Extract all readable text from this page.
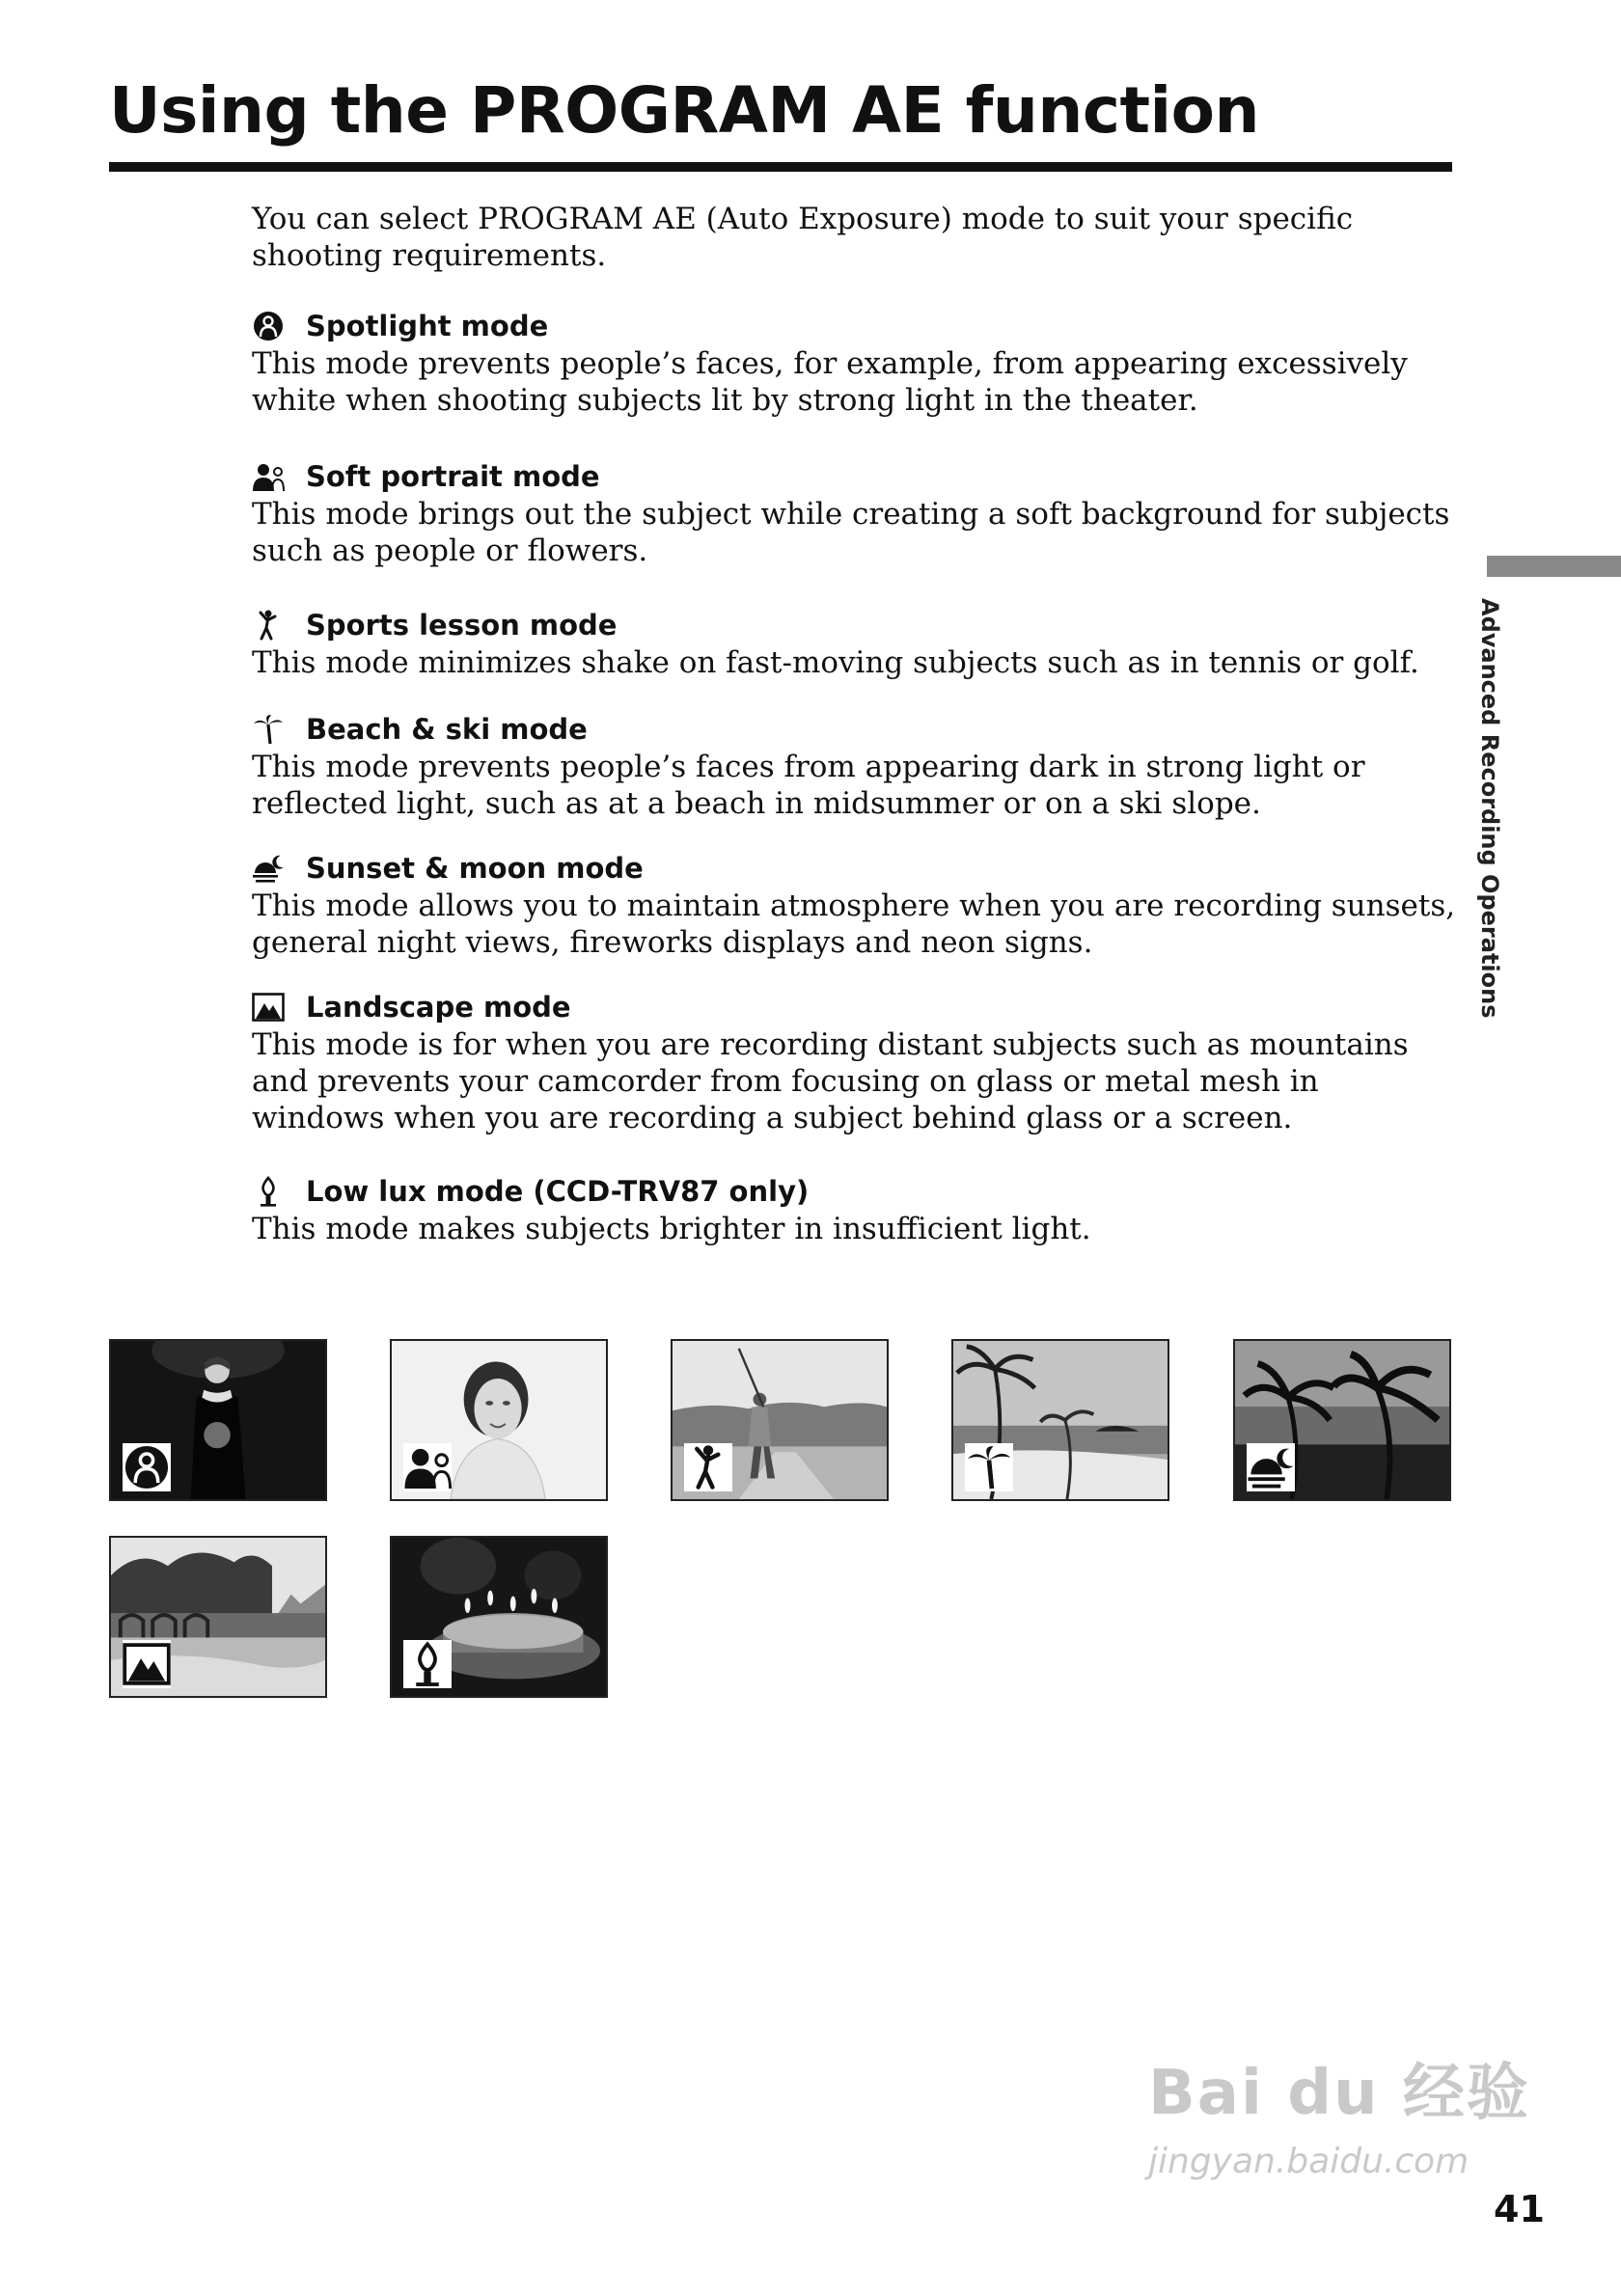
Using the PROGRAM AE function

You can select PROGRAM AE (Auto Exposure) mode to suit your specific shooting requirements.

Spotlight mode

This mode prevents people’s faces, for example, from appearing excessively white when shooting subjects lit by strong light in the theater.

Soft portrait mode

This mode brings out the subject while creating a soft background for subjects such as people or flowers.

Sports lesson mode

This mode minimizes shake on fast-moving subjects such as in tennis or golf.

Beach & ski mode

This mode prevents people’s faces from appearing dark in strong light or reflected light, such as at a beach in midsummer or on a ski slope.

Sunset & moon mode

This mode allows you to maintain atmosphere when you are recording sunsets, general night views, fireworks displays and neon signs.

Landscape mode

This mode is for when you are recording distant subjects such as mountains and prevents your camcorder from focusing on glass or metal mesh in windows when you are recording a subject behind glass or a screen.

Low lux mode (CCD-TRV87 only)

This mode makes subjects brighter in insufficient light.

Advanced Recording Operations
Bai du 经验
jingyan.baidu.com
41
